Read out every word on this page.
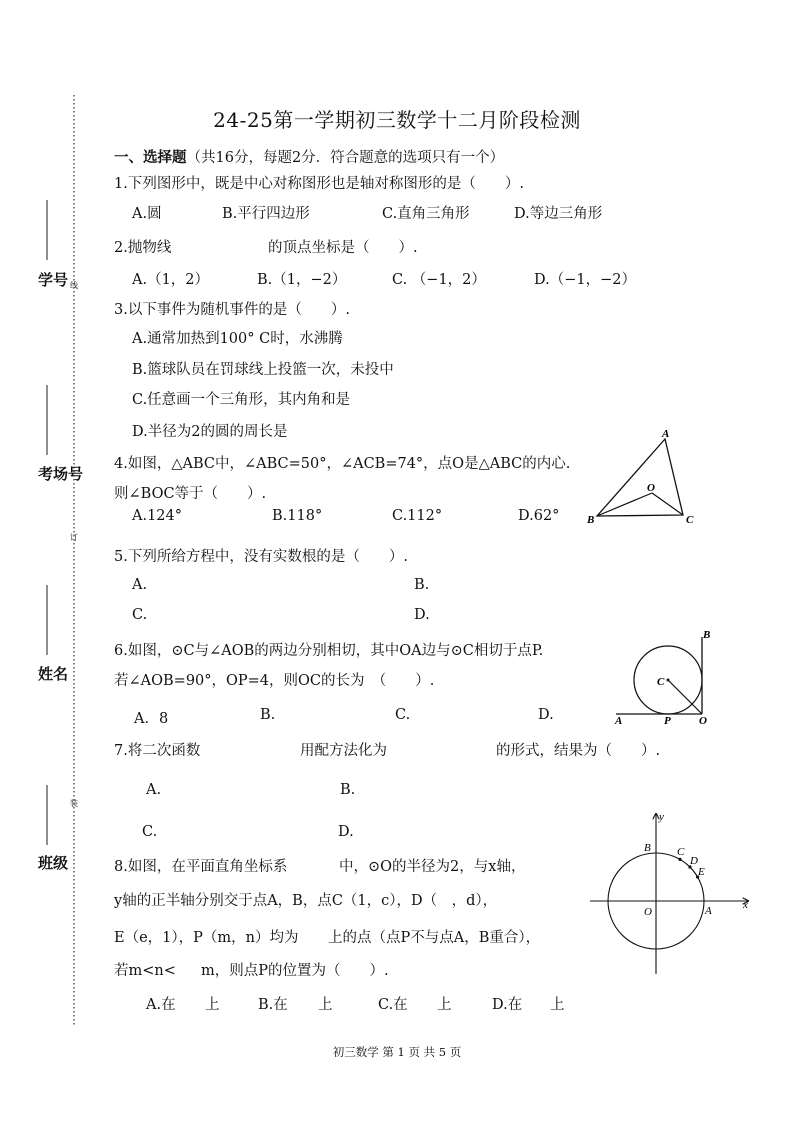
学号
考场号
姓名
班级
线
订
装
24-25第一学期初三数学十二月阶段检测
一、选择题（共16分，每题2分．符合题意的选项只有一个）
1.下列图形中，既是中心对称图形也是轴对称图形的是（　　）.
A.圆	B.平行四边形	C.直角三角形	D.等边三角形
2.抛物线	的顶点坐标是（　　）.
A.（1，2）	B.（1，−2）	C. （−1，2）	D.（−1，−2）
3.以下事件为随机事件的是（　　）.
A.通常加热到100° C时，水沸腾
B.篮球队员在罚球线上投篮一次，未投中
C.任意画一个三角形，其内角和是
D.半径为2的圆的周长是
4.如图，△ABC中，∠ABC=50°，∠ACB=74°，点O是△ABC的内心.
则∠BOC等于（　　）.
A.124°	B.118°	C.112°	D.62°
A
B	C
O
5.下列所给方程中，没有实数根的是（　　）.
A.	B.
C.	D.
6.如图，⊙C与∠AOB的两边分别相切，其中OA边与⊙C相切于点P.
若∠AOB=90°，OP=4，则OC的长为　（　　）.
A．8	B.	C.	D.	A	P	O
B
C
7.将二次函数	用配方法化为	的形式，结果为（　　）.
A.	B.
C.	D.
8.如图，在平面直角坐标系	中，⊙O的半径为2，与x轴，
y轴的正半轴分别交于点A，B，点C（1，c），D（　，d），
E（e，1），P（m，n）均为 上的点（点P不与点A，B重合），
若m<n< m，则点P的位置为（　　）.
A.在 上	B.在 上	C.在 上	D.在 上
y
x
O	A
B C
D
E
初三数学 第 1 页 共 5 页
